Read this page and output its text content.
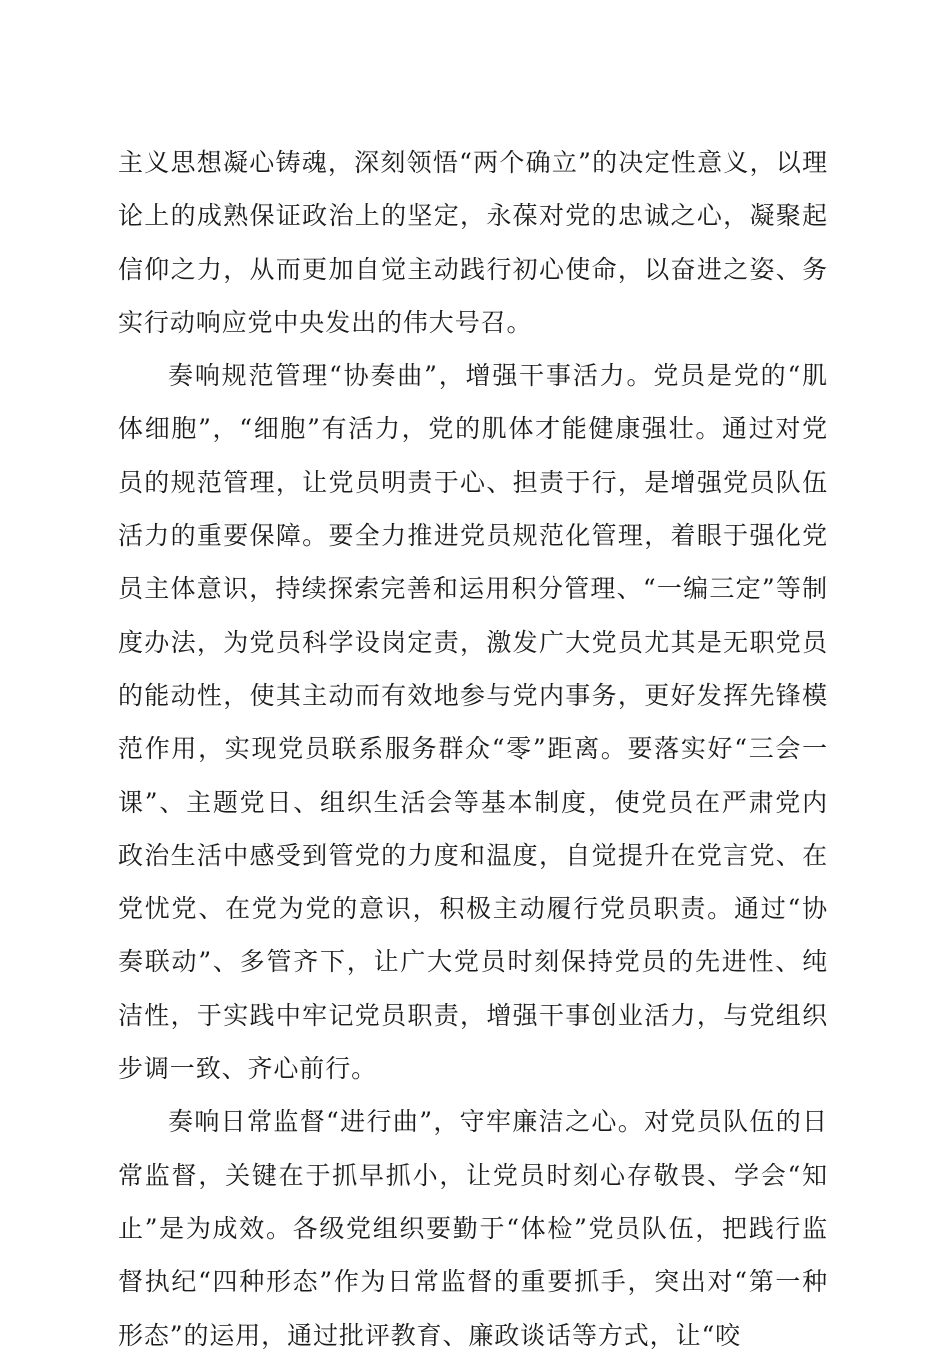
主义思想凝心铸魂，深刻领悟“两个确立”的决定性意义，以理论上的成熟保证政治上的坚定，永葆对党的忠诚之心，凝聚起信仰之力，从而更加自觉主动践行初心使命，以奋进之姿、务实行动响应党中央发出的伟大号召。

奏响规范管理“协奏曲”，增强干事活力。党员是党的“肌体细胞”，“细胞”有活力，党的肌体才能健康强壮。通过对党员的规范管理，让党员明责于心、担责于行，是增强党员队伍活力的重要保障。要全力推进党员规范化管理，着眼于强化党员主体意识，持续探索完善和运用积分管理、“一编三定”等制度办法，为党员科学设岗定责，激发广大党员尤其是无职党员的能动性，使其主动而有效地参与党内事务，更好发挥先锋模范作用，实现党员联系服务群众“零”距离。要落实好“三会一课”、主题党日、组织生活会等基本制度，使党员在严肃党内政治生活中感受到管党的力度和温度，自觉提升在党言党、在党忧党、在党为党的意识，积极主动履行党员职责。通过“协奏联动”、多管齐下，让广大党员时刻保持党员的先进性、纯洁性，于实践中牢记党员职责，增强干事创业活力，与党组织步调一致、齐心前行。

奏响日常监督“进行曲”，守牢廉洁之心。对党员队伍的日常监督，关键在于抓早抓小，让党员时刻心存敬畏、学会“知止”是为成效。各级党组织要勤于“体检”党员队伍，把践行监督执纪“四种形态”作为日常监督的重要抓手，突出对“第一种形态”的运用，通过批评教育、廉政谈话等方式，让“咬
